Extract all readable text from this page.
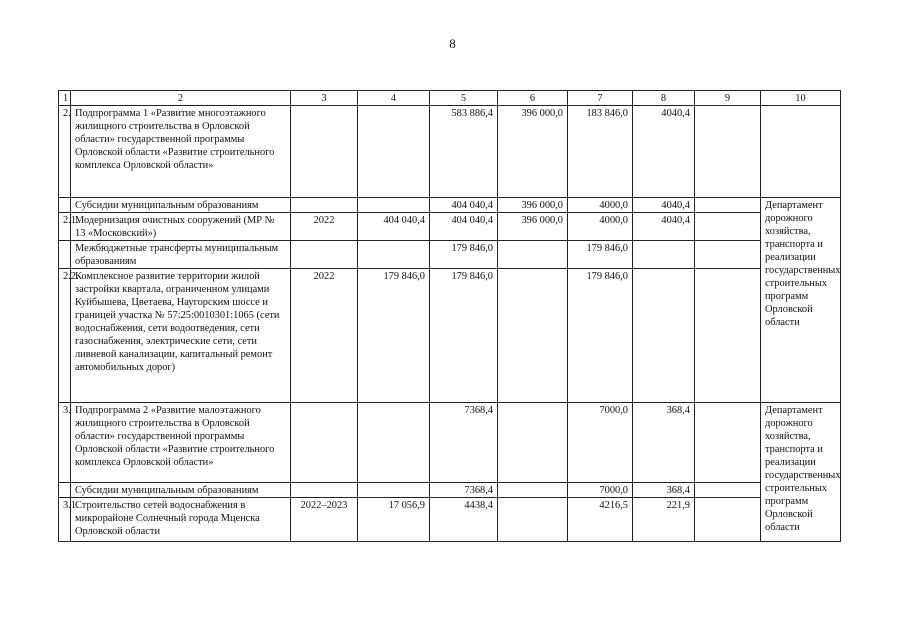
8
1	2	3	4	5	6	7	8	9	10
2.	Подпрограмма 1 «Развитие многоэтажного жилищного строительства в Орловской области» государственной программы Орловской области «Развитие строительного комплекса Орловской области»			583 886,4	396 000,0	183 846,0	4040,4		
	Субсидии муниципальным образованиям			404 040,4	396 000,0	4000,0	4040,4		Департамент дорожного хозяйства, транспорта и реализации государственных строительных программ Орловской области
2.1.	Модернизация очистных сооружений (МР № 13 «Московский»)	2022	404 040,4	404 040,4	396 000,0	4000,0	4040,4		
	Межбюджетные трансферты муниципальным образованиям			179 846,0		179 846,0			
2.2.	Комплексное развитие территории жилой застройки квартала, ограниченном улицами Куйбышева, Цветаева, Наугорским шоссе и границей участка № 57:25:0010301:1065 (сети водоснабжения, сети водоотведения, сети газоснабжения, электрические сети, сети ливневой канализации, капитальный ремонт автомобильных дорог)	2022	179 846,0	179 846,0		179 846,0			
3.	Подпрограмма 2 «Развитие малоэтажного жилищного строительства в Орловской области» государственной программы Орловской области «Развитие строительного комплекса Орловской области»			7368,4		7000,0	368,4		Департамент дорожного хозяйства, транспорта и реализации государственных строительных программ Орловской области
	Субсидии муниципальным образованиям			7368,4		7000,0	368,4		
3.1.	Строительство сетей водоснабжения в микрорайоне Солнечный города Мценска Орловской области	2022–2023	17 056,9	4438,4		4216,5	221,9		
